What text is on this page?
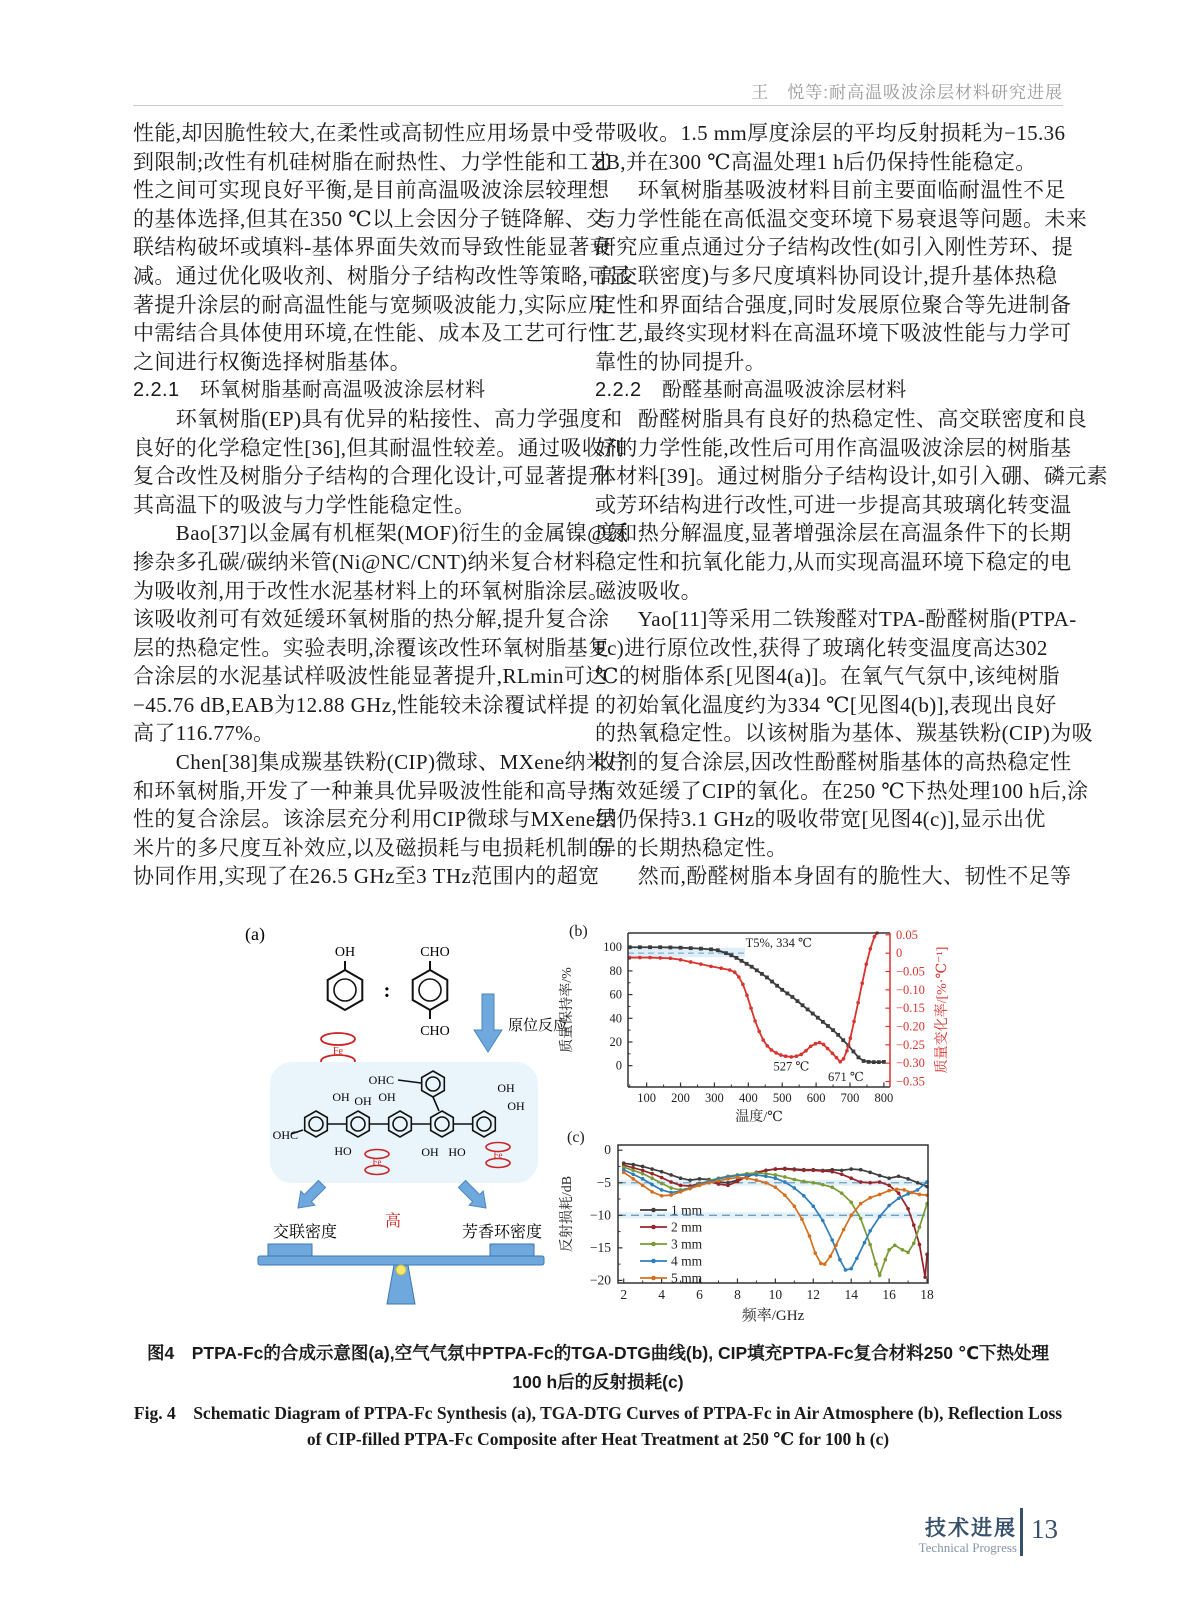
王　悦等:耐高温吸波涂层材料研究进展
性能,却因脆性较大,在柔性或高韧性应用场景中受
到限制;改性有机硅树脂在耐热性、力学性能和工艺
性之间可实现良好平衡,是目前高温吸波涂层较理想
的基体选择,但其在350 ℃以上会因分子链降解、交
联结构破坏或填料-基体界面失效而导致性能显著衰
减。通过优化吸收剂、树脂分子结构改性等策略,可显
著提升涂层的耐高温性能与宽频吸波能力,实际应用
中需结合具体使用环境,在性能、成本及工艺可行性
之间进行权衡选择树脂基体。
2.2.1　环氧树脂基耐高温吸波涂层材料
　　环氧树脂(EP)具有优异的粘接性、高力学强度和
良好的化学稳定性[36],但其耐温性较差。通过吸收剂
复合改性及树脂分子结构的合理化设计,可显著提升
其高温下的吸波与力学性能稳定性。
　　Bao[37]以金属有机框架(MOF)衍生的金属镍@氮
掺杂多孔碳/碳纳米管(Ni@NC/CNT)纳米复合材料
为吸收剂,用于改性水泥基材料上的环氧树脂涂层。
该吸收剂可有效延缓环氧树脂的热分解,提升复合涂
层的热稳定性。实验表明,涂覆该改性环氧树脂基复
合涂层的水泥基试样吸波性能显著提升,RLmin可达
−45.76 dB,EAB为12.88 GHz,性能较未涂覆试样提
高了116.77%。
　　Chen[38]集成羰基铁粉(CIP)微球、MXene纳米片
和环氧树脂,开发了一种兼具优异吸波性能和高导热
性的复合涂层。该涂层充分利用CIP微球与MXene纳
米片的多尺度互补效应,以及磁损耗与电损耗机制的
协同作用,实现了在26.5 GHz至3 THz范围内的超宽
带吸收。1.5 mm厚度涂层的平均反射损耗为−15.36
dB,并在300 ℃高温处理1 h后仍保持性能稳定。
　　环氧树脂基吸波材料目前主要面临耐温性不足
与力学性能在高低温交变环境下易衰退等问题。未来
研究应重点通过分子结构改性(如引入刚性芳环、提
高交联密度)与多尺度填料协同设计,提升基体热稳
定性和界面结合强度,同时发展原位聚合等先进制备
工艺,最终实现材料在高温环境下吸波性能与力学可
靠性的协同提升。
2.2.2　酚醛基耐高温吸波涂层材料
　　酚醛树脂具有良好的热稳定性、高交联密度和良
好的力学性能,改性后可用作高温吸波涂层的树脂基
体材料[39]。通过树脂分子结构设计,如引入硼、磷元素
或芳环结构进行改性,可进一步提高其玻璃化转变温
度和热分解温度,显著增强涂层在高温条件下的长期
稳定性和抗氧化能力,从而实现高温环境下稳定的电
磁波吸收。
　　Yao[11]等采用二铁羧醛对TPA-酚醛树脂(PTPA-
Fc)进行原位改性,获得了玻璃化转变温度高达302
℃的树脂体系[见图4(a)]。在氧气气氛中,该纯树脂
的初始氧化温度约为334 ℃[见图4(b)],表现出良好
的热氧稳定性。以该树脂为基体、羰基铁粉(CIP)为吸
收剂的复合涂层,因改性酚醛树脂基体的高热稳定性
有效延缓了CIP的氧化。在250 ℃下热处理100 h后,涂
层仍保持3.1 GHz的吸收带宽[见图4(c)],显示出优
异的长期热稳定性。
　　然而,酚醛树脂本身固有的脆性大、韧性不足等
(a)
OH
:
CHO
CHO
Fe
原位反应
OHC
OH OH OH
OH
OH
OHC
HO	OH HO
Fe
Fe
高
交联密度	芳香环密度
100 200 300 400 500 600 700 800
0
20
40
60
80
100
0.05
0
−0.05
−0.10
−0.15
−0.20
−0.25
−0.30
−0.35
T5%, 334 ℃
527 ℃
671 ℃
温度/℃
质量保持率/%	质量变化率/[%·℃⁻¹]
(b)
2 4 6 8 10 12 14 16 18
0
−5
−10
−15
−20
1 mm
2 mm
3 mm
4 mm
5 mm
频率/GHz
反射损耗/dB
(c)
图4　PTPA-Fc的合成示意图(a),空气气氛中PTPA-Fc的TGA-DTG曲线(b), CIP填充PTPA-Fc复合材料250 ℃下热处理
100 h后的反射损耗(c)
Fig. 4　Schematic Diagram of PTPA-Fc Synthesis (a), TGA-DTG Curves of PTPA-Fc in Air Atmosphere (b), Reflection Loss
of CIP-filled PTPA-Fc Composite after Heat Treatment at 250 ℃ for 100 h (c)
技术进展
Technical Progress
13
